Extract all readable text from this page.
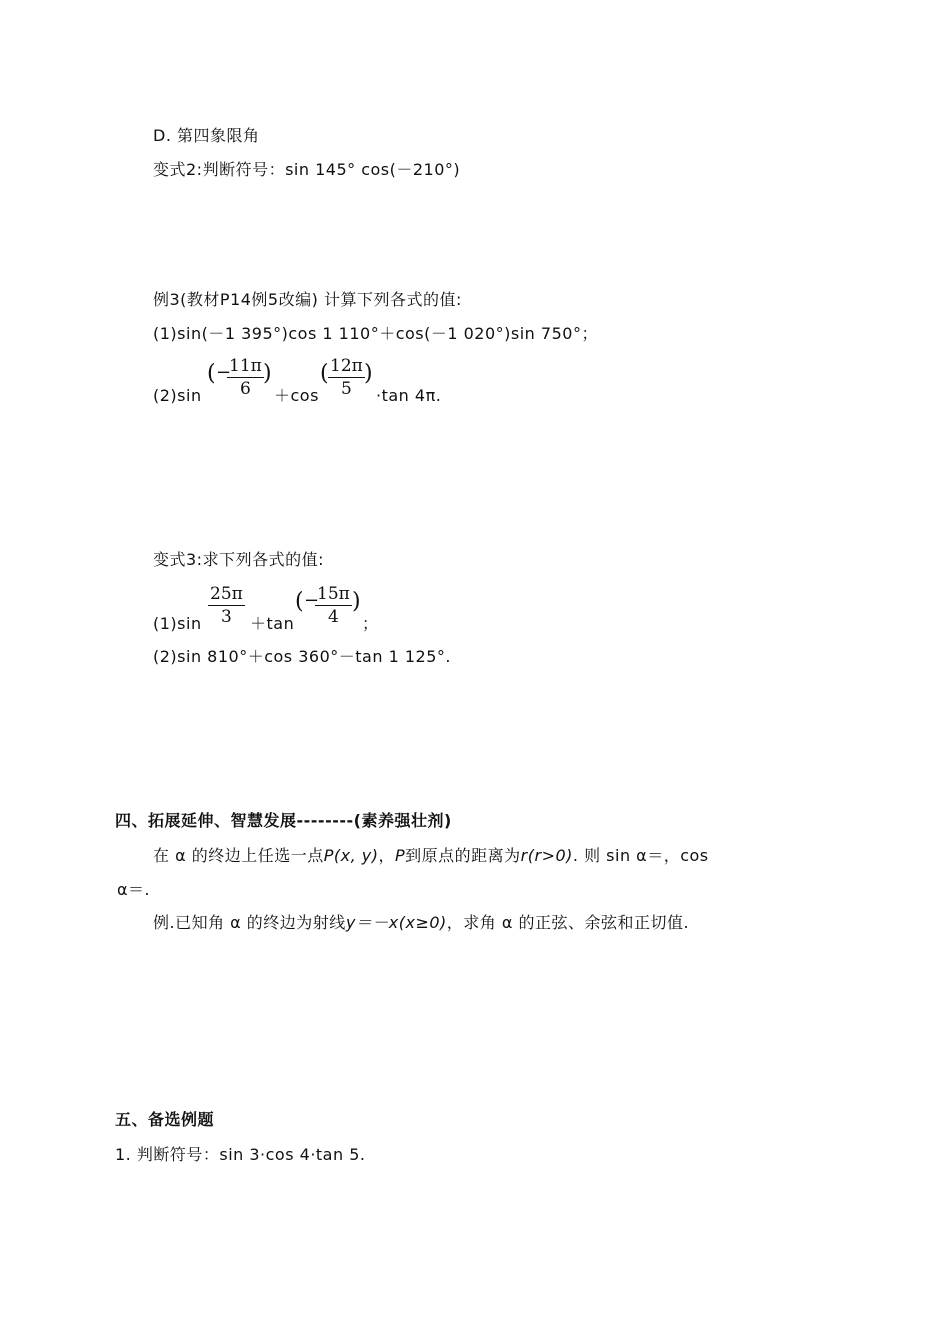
D. 第四象限角
变式2:判断符号：sin 145° cos(－210°)
例3(教材P14例5改编) 计算下列各式的值:
(1)sin(－1 395°)cos 1 110°＋cos(－1 020°)sin 750°；
(2)sin
( −
$\frac{11\pi}{6}$ )
＋cos
( $\frac{12\pi}{5}$ )
·tan 4π.
变式3:求下列各式的值:
$(1)\sin \frac{25\pi}{3} +\tan$
( −
$\frac{15\pi}{4}$ )
；
(2)sin 810°＋cos 360°－tan 1 125°.
四、拓展延伸、智慧发展--------(素养强壮剂)
在 α 的终边上任选一点P(x, y)，P到原点的距离为r(r>0). 则 sin α＝，cos
α＝.
例.已知角 α 的终边为射线y＝－x(x≥0)，求角 α 的正弦、余弦和正切值.
五、备选例题
1. 判断符号：sin 3·cos 4·tan 5.
